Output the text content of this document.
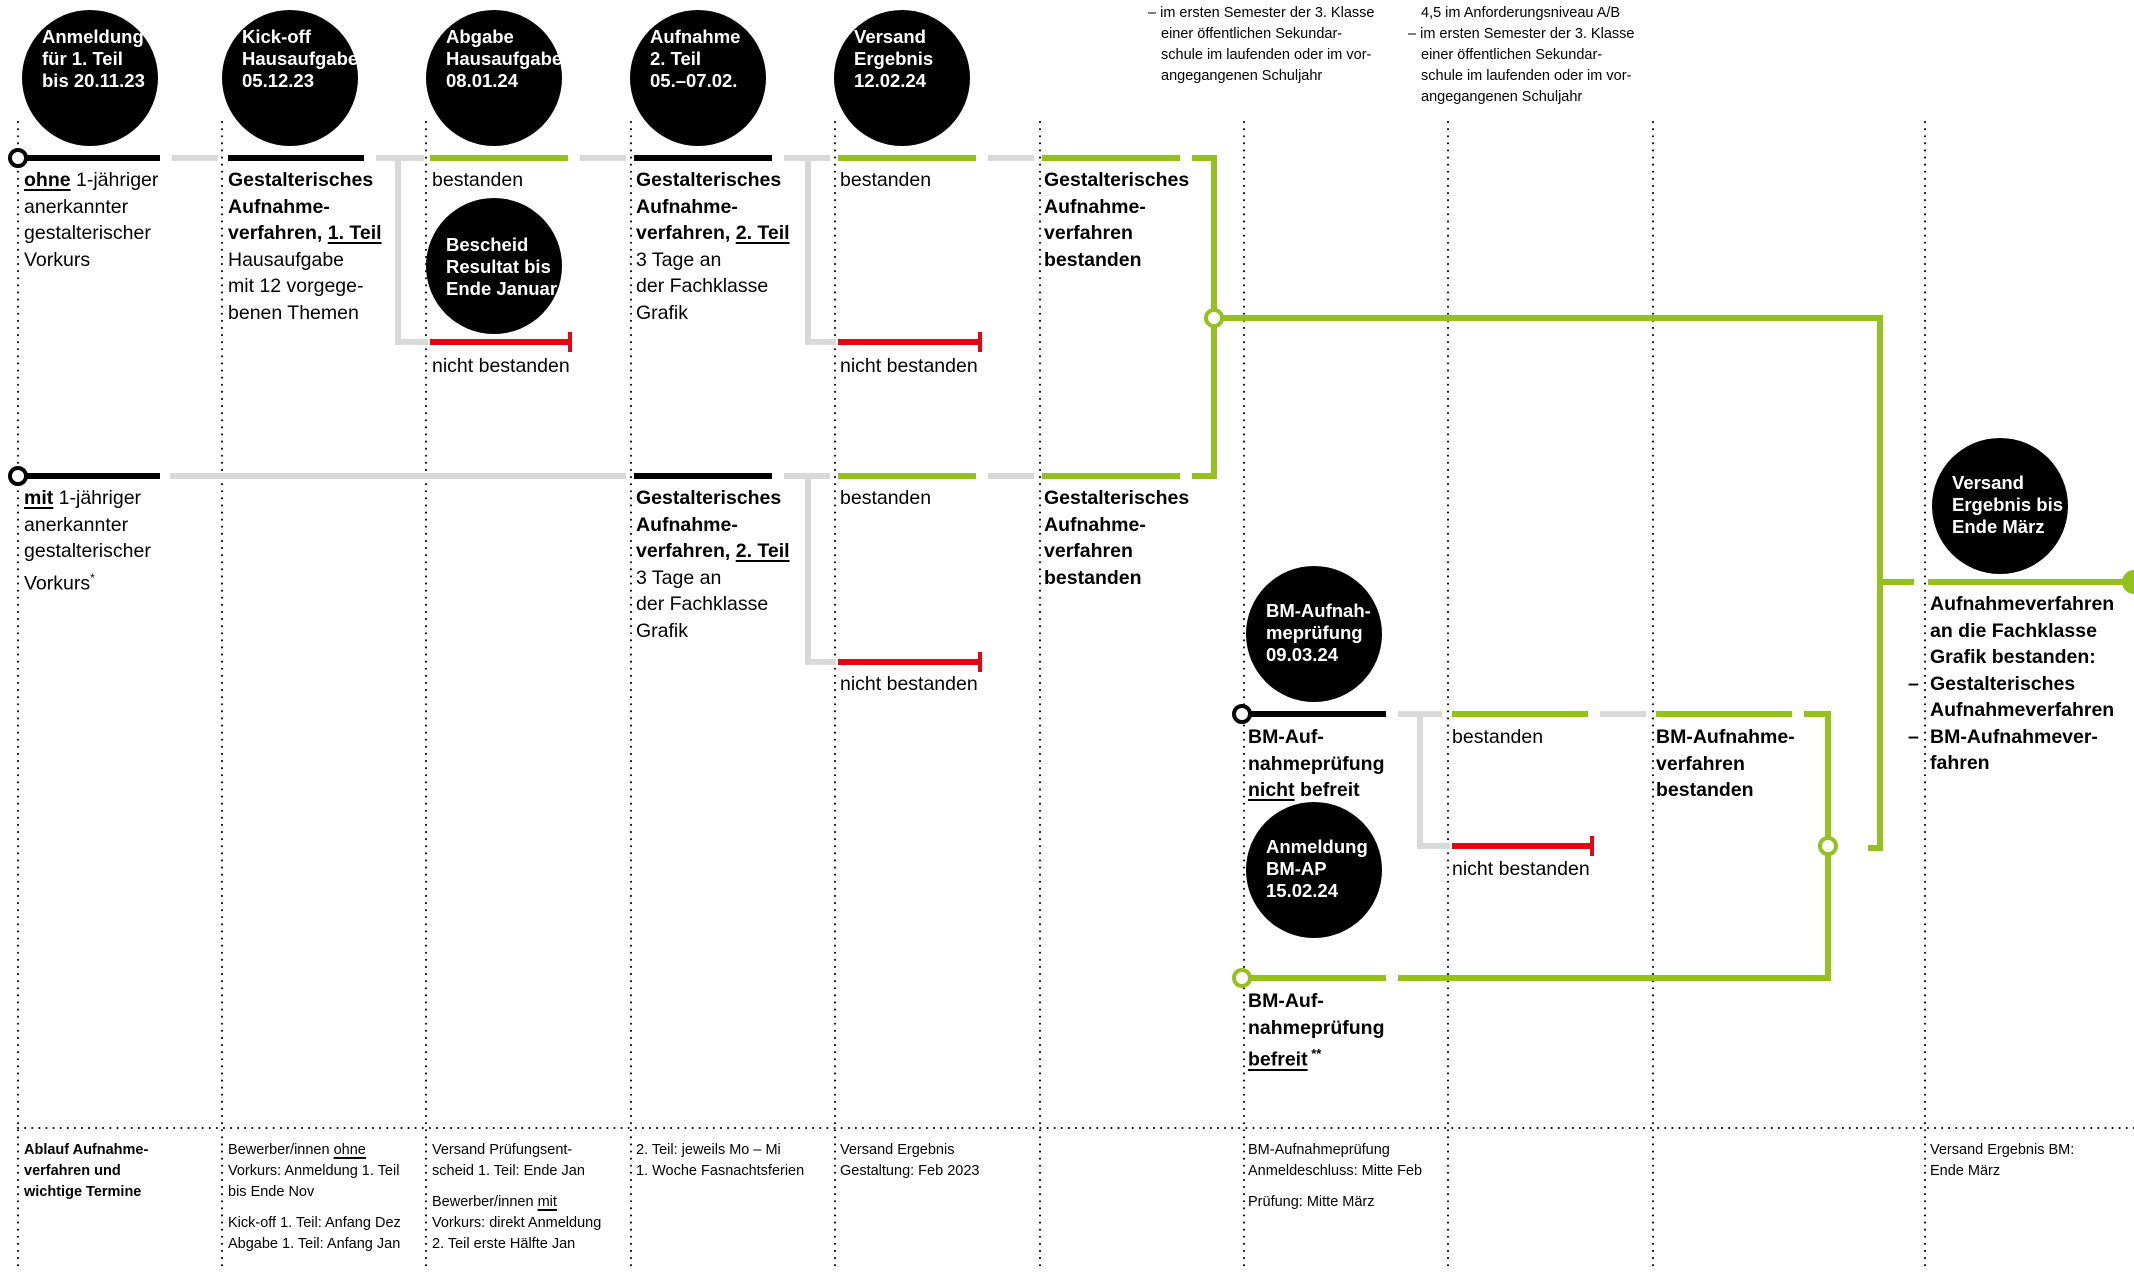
– im ersten Semester der 3. Klasse
einer öffentlichen Sekundar-
schule im laufenden oder im vor-
angegangenen Schuljahr
4,5 im Anforderungsniveau A/B
– im ersten Semester der 3. Klasse
einer öffentlichen Sekundar-
schule im laufenden oder im vor-
angegangenen Schuljahr
Anmeldung
für 1. Teil
bis 20.11.23
Kick-off
Hausaufgabe
05.12.23
Abgabe
Hausaufgabe
08.01.24
Aufnahme
2. Teil
05.–07.02.
Versand
Ergebnis
12.02.24
Bescheid
Resultat bis
Ende Januar
Versand
Ergebnis bis
Ende März
BM-Aufnah-
meprüfung
09.03.24
Anmeldung
BM-AP
15.02.24
ohne 1-jähriger
anerkannter
gestalterischer
Vorkurs
Gestalterisches
Aufnahme-
verfahren, 1. Teil
Hausaufgabe
mit 12 vorgege-
benen Themen
bestanden
nicht bestanden
Gestalterisches
Aufnahme-
verfahren, 2. Teil
3 Tage an
der Fachklasse
Grafik
bestanden
nicht bestanden
Gestalterisches
Aufnahme-
verfahren
bestanden
mit 1-jähriger
anerkannter
gestalterischer
Vorkurs*
Gestalterisches
Aufnahme-
verfahren, 2. Teil
3 Tage an
der Fachklasse
Grafik
bestanden
nicht bestanden
Gestalterisches
Aufnahme-
verfahren
bestanden
BM-Auf-
nahmeprüfung
nicht befreit
bestanden
nicht bestanden
BM-Aufnahme-
verfahren
bestanden
BM-Auf-
nahmeprüfung
befreit **
Aufnahmeverfahren
an die Fachklasse
Grafik bestanden:
– Gestalterisches
Aufnahmeverfahren
– BM-Aufnahmever-
fahren
Ablauf Aufnahme-
verfahren und
wichtige Termine
Bewerber/innen ohne
Vorkurs: Anmeldung 1. Teil
bis Ende Nov
Kick-off 1. Teil: Anfang Dez
Abgabe 1. Teil: Anfang Jan
Versand Prüfungsent-
scheid 1. Teil: Ende Jan
Bewerber/innen mit
Vorkurs: direkt Anmeldung
2. Teil erste Hälfte Jan
2. Teil: jeweils Mo – Mi
1. Woche Fasnachtsferien
Versand Ergebnis
Gestaltung: Feb 2023
BM-Aufnahmeprüfung
Anmeldeschluss: Mitte Feb
Prüfung: Mitte März
Versand Ergebnis BM:
Ende März
